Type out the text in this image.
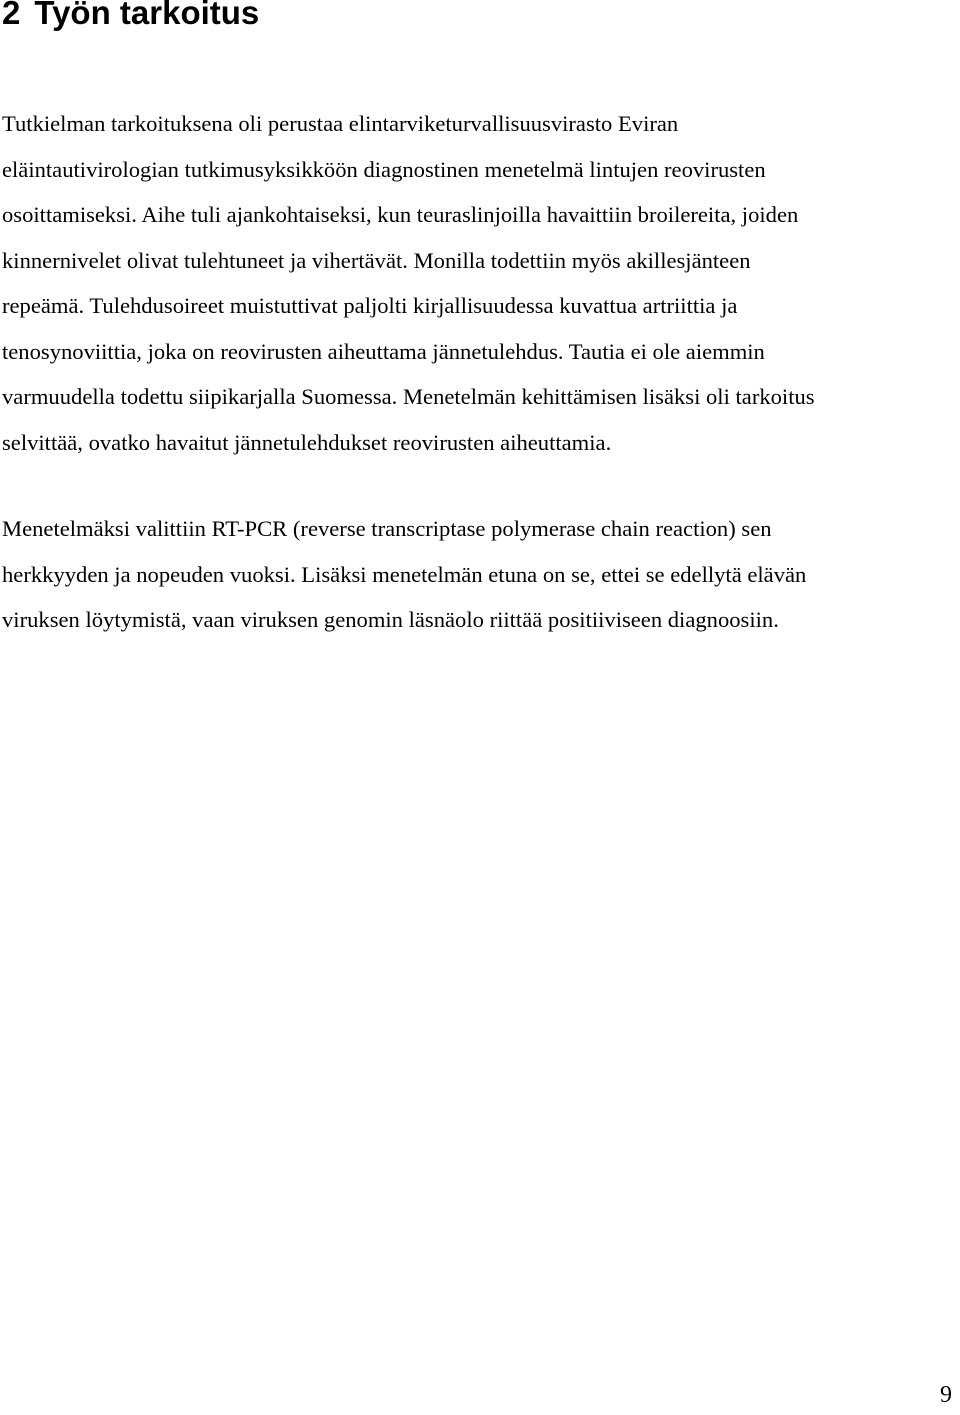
2 Työn tarkoitus
Tutkielman tarkoituksena oli perustaa elintarviketurvallisuusvirasto Eviran
eläintautivirologian tutkimusyksikköön diagnostinen menetelmä lintujen reovirusten
osoittamiseksi. Aihe tuli ajankohtaiseksi, kun teuraslinjoilla havaittiin broilereita, joiden
kinnernivelet olivat tulehtuneet ja vihertävät. Monilla todettiin myös akillesjänteen
repeämä. Tulehdusoireet muistuttivat paljolti kirjallisuudessa kuvattua artriittia ja
tenosynoviittia, joka on reovirusten aiheuttama jännetulehdus. Tautia ei ole aiemmin
varmuudella todettu siipikarjalla Suomessa. Menetelmän kehittämisen lisäksi oli tarkoitus
selvittää, ovatko havaitut jännetulehdukset reovirusten aiheuttamia.
Menetelmäksi valittiin RT-PCR (reverse transcriptase polymerase chain reaction) sen
herkkyyden ja nopeuden vuoksi. Lisäksi menetelmän etuna on se, ettei se edellytä elävän
viruksen löytymistä, vaan viruksen genomin läsnäolo riittää positiiviseen diagnoosiin.
9
